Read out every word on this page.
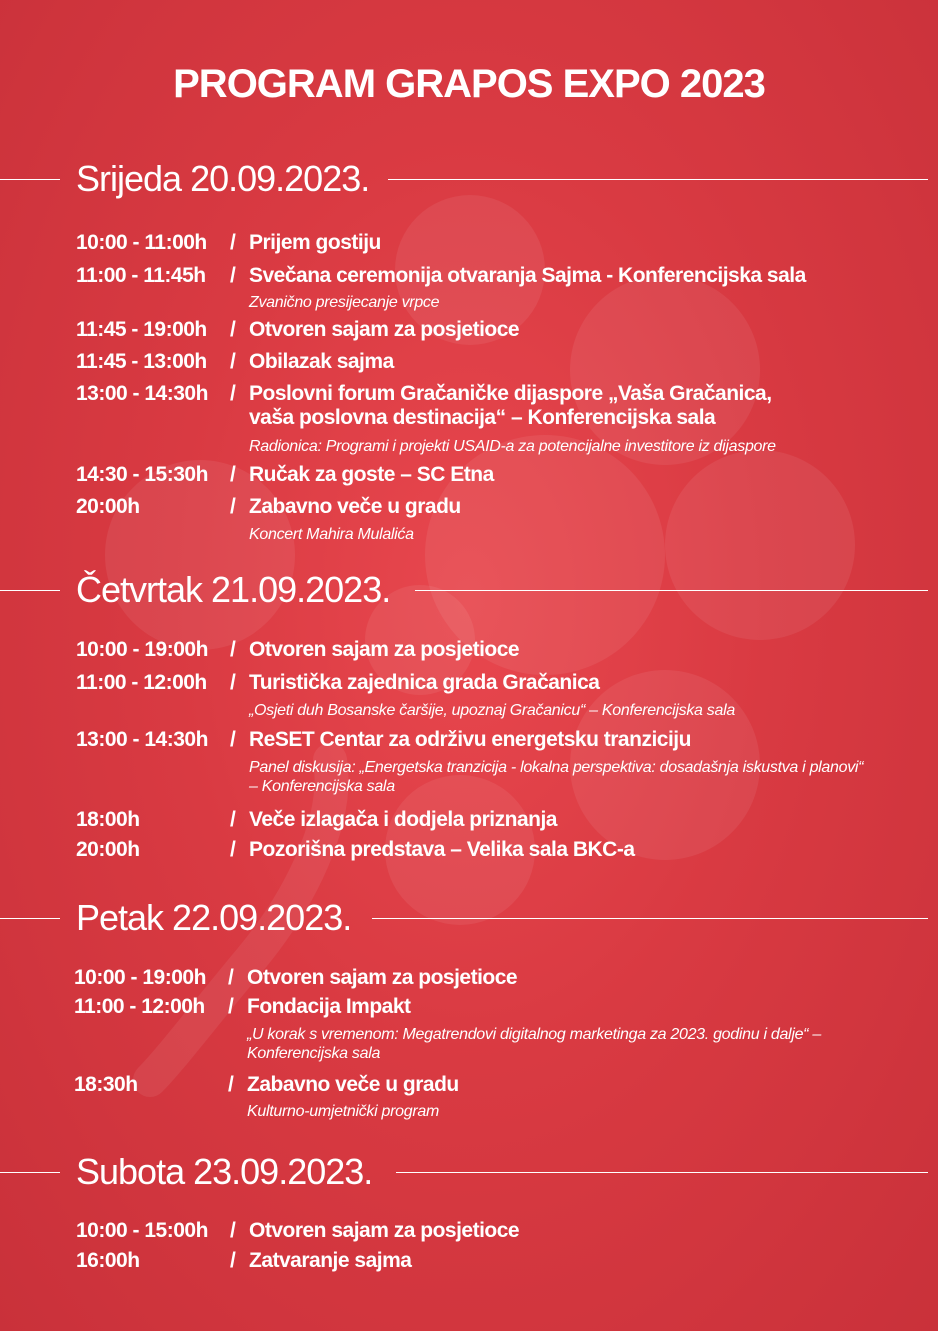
PROGRAM GRAPOS EXPO 2023
Srijeda 20.09.2023.
10:00 - 11:00h / Prijem gostiju
11:00 - 11:45h / Svečana ceremonija otvaranja Sajma - Konferencijska sala
Zvanično presijecanje vrpce
11:45 - 19:00h / Otvoren sajam za posjetioce
11:45 - 13:00h / Obilazak sajma
13:00 - 14:30h / Poslovni forum Gračaničke dijaspore „Vaša Gračanica, vaša poslovna destinacija“ – Konferencijska sala
Radionica: Programi i projekti USAID-a za potencijalne investitore iz dijaspore
14:30 - 15:30h / Ručak za goste – SC Etna
20:00h	/ Zabavno veče u gradu
Koncert Mahira Mulalića
Četvrtak 21.09.2023.
10:00 - 19:00h / Otvoren sajam za posjetioce
11:00 - 12:00h / Turistička zajednica grada Gračanica
„Osjeti duh Bosanske čaršije, upoznaj Gračanicu“ – Konferencijska sala
13:00 - 14:30h / ReSET Centar za održivu energetsku tranziciju
Panel diskusija: „Energetska tranzicija - lokalna perspektiva: dosadašnja iskustva i planovi“ – Konferencijska sala
18:00h	/ Veče izlagača i dodjela priznanja
20:00h	/ Pozorišna predstava – Velika sala BKC-a
Petak 22.09.2023.
10:00 - 19:00h / Otvoren sajam za posjetioce
11:00 - 12:00h / Fondacija Impakt
„U korak s vremenom: Megatrendovi digitalnog marketinga za 2023. godinu i dalje“ – Konferencijska sala
18:30h	/ Zabavno veče u gradu
Kulturno-umjetnički program
Subota 23.09.2023.
10:00 - 15:00h / Otvoren sajam za posjetioce
16:00h	/ Zatvaranje sajma
